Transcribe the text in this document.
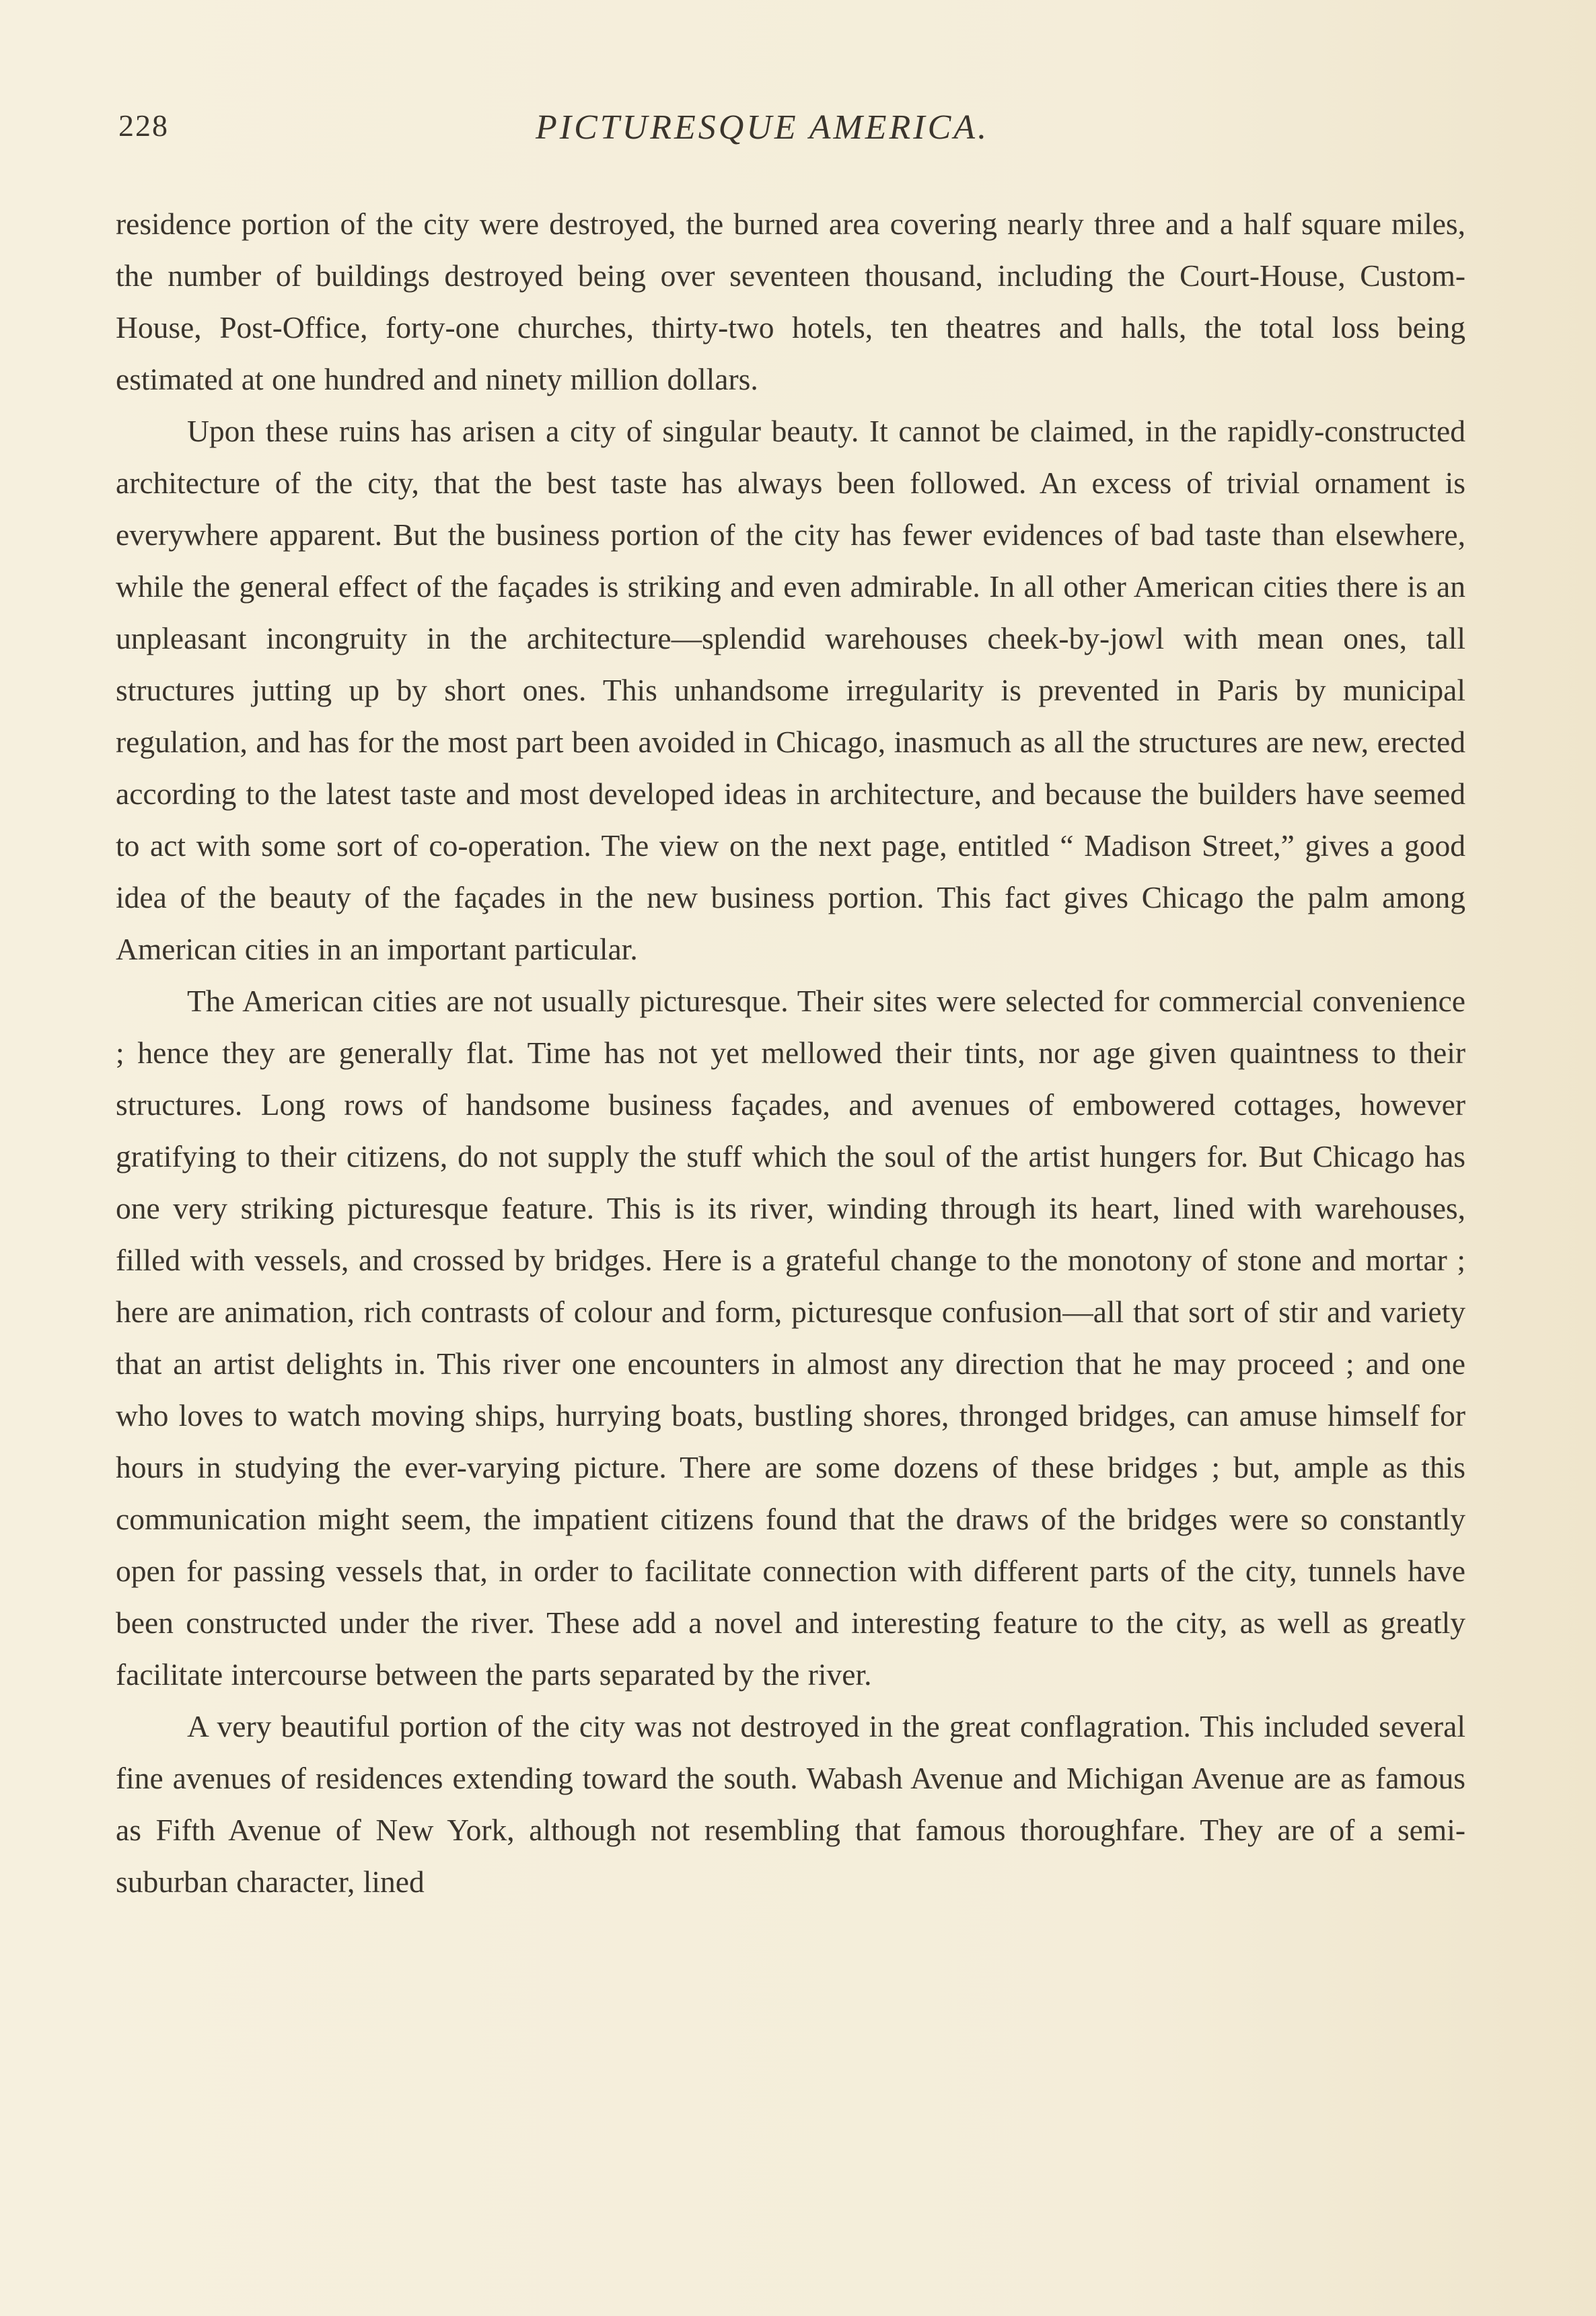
228	PICTURESQUE AMERICA.

residence portion of the city were destroyed, the burned area covering nearly three and a half square miles, the number of buildings destroyed being over seventeen thousand, including the Court-House, Custom-House, Post-Office, forty-one churches, thirty-two hotels, ten theatres and halls, the total loss being estimated at one hundred and ninety million dollars.

Upon these ruins has arisen a city of singular beauty. It cannot be claimed, in the rapidly-constructed architecture of the city, that the best taste has always been followed. An excess of trivial ornament is everywhere apparent. But the business portion of the city has fewer evidences of bad taste than elsewhere, while the general effect of the façades is striking and even admirable. In all other American cities there is an unpleasant incongruity in the architecture—splendid warehouses cheek-by-jowl with mean ones, tall structures jutting up by short ones. This unhandsome irregularity is prevented in Paris by municipal regulation, and has for the most part been avoided in Chicago, inasmuch as all the structures are new, erected according to the latest taste and most developed ideas in architecture, and because the builders have seemed to act with some sort of co-operation. The view on the next page, entitled “ Madison Street,” gives a good idea of the beauty of the façades in the new business portion. This fact gives Chicago the palm among American cities in an important particular.

The American cities are not usually picturesque. Their sites were selected for commercial convenience ; hence they are generally flat. Time has not yet mellowed their tints, nor age given quaintness to their structures. Long rows of handsome business façades, and avenues of embowered cottages, however gratifying to their citizens, do not supply the stuff which the soul of the artist hungers for. But Chicago has one very striking picturesque feature. This is its river, winding through its heart, lined with warehouses, filled with vessels, and crossed by bridges. Here is a grateful change to the monotony of stone and mortar ; here are animation, rich contrasts of colour and form, picturesque confusion—all that sort of stir and variety that an artist delights in. This river one encounters in almost any direction that he may proceed ; and one who loves to watch moving ships, hurrying boats, bustling shores, thronged bridges, can amuse himself for hours in studying the ever-varying picture. There are some dozens of these bridges ; but, ample as this communication might seem, the impatient citizens found that the draws of the bridges were so constantly open for passing vessels that, in order to facilitate connection with different parts of the city, tunnels have been constructed under the river. These add a novel and interesting feature to the city, as well as greatly facilitate intercourse between the parts separated by the river.

A very beautiful portion of the city was not destroyed in the great conflagration. This included several fine avenues of residences extending toward the south. Wabash Avenue and Michigan Avenue are as famous as Fifth Avenue of New York, although not resembling that famous thoroughfare. They are of a semi-suburban character, lined
